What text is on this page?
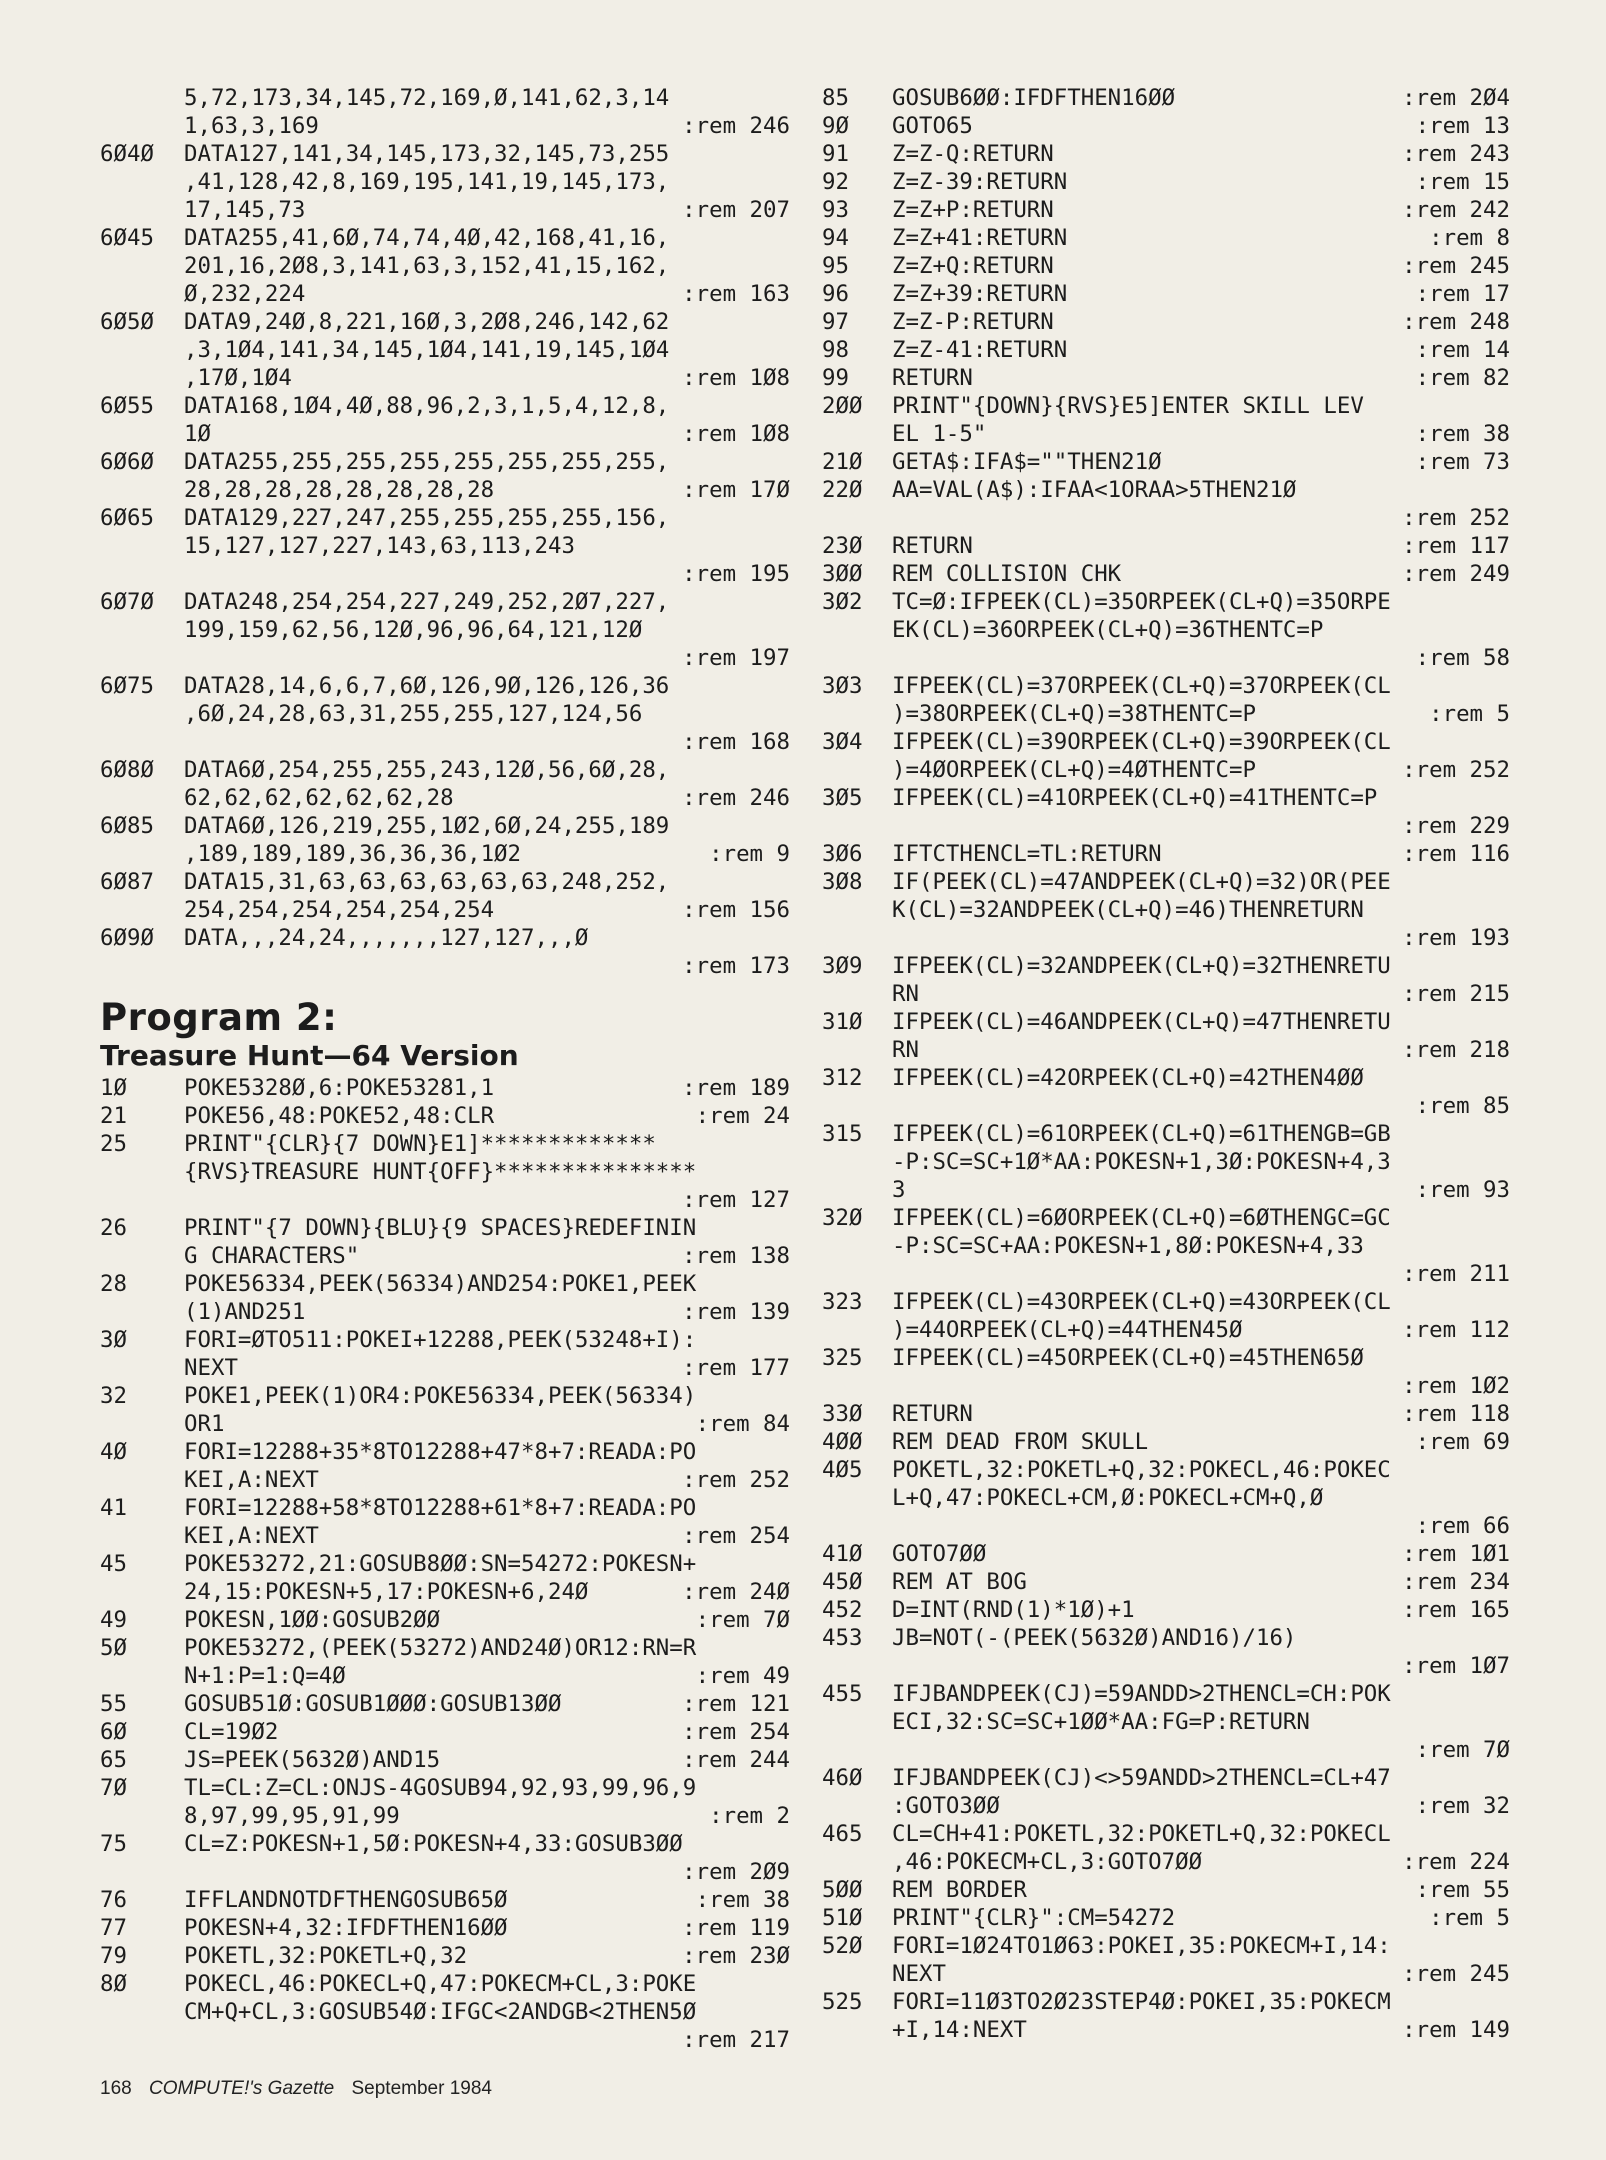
5,72,173,34,145,72,169,Ø,141,62,3,14
1,63,3,169	:rem 246
6Ø4Ø DATA127,141,34,145,173,32,145,73,255
,41,128,42,8,169,195,141,19,145,173,
17,145,73	:rem 207
6Ø45 DATA255,41,6Ø,74,74,4Ø,42,168,41,16,
201,16,2Ø8,3,141,63,3,152,41,15,162,
Ø,232,224	:rem 163
6Ø5Ø DATA9,24Ø,8,221,16Ø,3,2Ø8,246,142,62
,3,1Ø4,141,34,145,1Ø4,141,19,145,1Ø4
,17Ø,1Ø4	:rem 1Ø8
6Ø55 DATA168,1Ø4,4Ø,88,96,2,3,1,5,4,12,8,
1Ø	:rem 1Ø8
6Ø6Ø DATA255,255,255,255,255,255,255,255,
28,28,28,28,28,28,28,28	:rem 17Ø
6Ø65 DATA129,227,247,255,255,255,255,156,
15,127,127,227,143,63,113,243
:rem 195
6Ø7Ø DATA248,254,254,227,249,252,2Ø7,227,
199,159,62,56,12Ø,96,96,64,121,12Ø
:rem 197
6Ø75 DATA28,14,6,6,7,6Ø,126,9Ø,126,126,36
,6Ø,24,28,63,31,255,255,127,124,56
:rem 168
6Ø8Ø DATA6Ø,254,255,255,243,12Ø,56,6Ø,28,
62,62,62,62,62,62,28	:rem 246
6Ø85 DATA6Ø,126,219,255,1Ø2,6Ø,24,255,189
,189,189,189,36,36,36,1Ø2	:rem 9
6Ø87 DATA15,31,63,63,63,63,63,63,248,252,
254,254,254,254,254,254	:rem 156
6Ø9Ø DATA,,,24,24,,,,,,,127,127,,,Ø
:rem 173
Program 2:
Treasure Hunt—64 Version
1Ø	POKE5328Ø,6:POKE53281,1	:rem 189
21	POKE56,48:POKE52,48:CLR	:rem 24
25	PRINT"{CLR}{7 DOWN}E1]*************
{RVS}TREASURE HUNT{OFF}***************
:rem 127
26	PRINT"{7 DOWN}{BLU}{9 SPACES}REDEFININ
G CHARACTERS"	:rem 138
28	POKE56334,PEEK(56334)AND254:POKE1,PEEK
(1)AND251	:rem 139
3Ø	FORI=ØTO511:POKEI+12288,PEEK(53248+I):
NEXT	:rem 177
32	POKE1,PEEK(1)OR4:POKE56334,PEEK(56334)
OR1	:rem 84
4Ø	FORI=12288+35*8TO12288+47*8+7:READA:PO
KEI,A:NEXT	:rem 252
41	FORI=12288+58*8TO12288+61*8+7:READA:PO
KEI,A:NEXT	:rem 254
45	POKE53272,21:GOSUB8ØØ:SN=54272:POKESN+
24,15:POKESN+5,17:POKESN+6,24Ø	:rem 24Ø
49	POKESN,1ØØ:GOSUB2ØØ	:rem 7Ø
5Ø	POKE53272,(PEEK(53272)AND24Ø)OR12:RN=R
N+1:P=1:Q=4Ø	:rem 49
55	GOSUB51Ø:GOSUB1ØØØ:GOSUB13ØØ	:rem 121
6Ø	CL=19Ø2	:rem 254
65	JS=PEEK(5632Ø)AND15	:rem 244
7Ø	TL=CL:Z=CL:ONJS-4GOSUB94,92,93,99,96,9
8,97,99,95,91,99	:rem 2
75	CL=Z:POKESN+1,5Ø:POKESN+4,33:GOSUB3ØØ
:rem 2Ø9
76	IFFLANDNOTDFTHENGOSUB65Ø	:rem 38
77	POKESN+4,32:IFDFTHEN16ØØ	:rem 119
79	POKETL,32:POKETL+Q,32	:rem 23Ø
8Ø	POKECL,46:POKECL+Q,47:POKECM+CL,3:POKE
CM+Q+CL,3:GOSUB54Ø:IFGC<2ANDGB<2THEN5Ø
:rem 217
85 GOSUB6ØØ:IFDFTHEN16ØØ	:rem 2Ø4
9Ø GOTO65	:rem 13
91 Z=Z-Q:RETURN	:rem 243
92 Z=Z-39:RETURN	:rem 15
93 Z=Z+P:RETURN	:rem 242
94 Z=Z+41:RETURN	:rem 8
95 Z=Z+Q:RETURN	:rem 245
96 Z=Z+39:RETURN	:rem 17
97 Z=Z-P:RETURN	:rem 248
98 Z=Z-41:RETURN	:rem 14
99 RETURN	:rem 82
2ØØ PRINT"{DOWN}{RVS}E5]ENTER SKILL LEV
EL 1-5"	:rem 38
21Ø GETA$:IFA$=""THEN21Ø	:rem 73
22Ø AA=VAL(A$):IFAA<1ORAA>5THEN21Ø
:rem 252
23Ø RETURN	:rem 117
3ØØ REM COLLISION CHK	:rem 249
3Ø2 TC=Ø:IFPEEK(CL)=35ORPEEK(CL+Q)=35ORPE
EK(CL)=36ORPEEK(CL+Q)=36THENTC=P
:rem 58
3Ø3 IFPEEK(CL)=37ORPEEK(CL+Q)=37ORPEEK(CL
)=38ORPEEK(CL+Q)=38THENTC=P	:rem 5
3Ø4 IFPEEK(CL)=39ORPEEK(CL+Q)=39ORPEEK(CL
)=4ØORPEEK(CL+Q)=4ØTHENTC=P	:rem 252
3Ø5 IFPEEK(CL)=41ORPEEK(CL+Q)=41THENTC=P
:rem 229
3Ø6 IFTCTHENCL=TL:RETURN	:rem 116
3Ø8 IF(PEEK(CL)=47ANDPEEK(CL+Q)=32)OR(PEE
K(CL)=32ANDPEEK(CL+Q)=46)THENRETURN
:rem 193
3Ø9 IFPEEK(CL)=32ANDPEEK(CL+Q)=32THENRETU
RN	:rem 215
31Ø IFPEEK(CL)=46ANDPEEK(CL+Q)=47THENRETU
RN	:rem 218
312 IFPEEK(CL)=42ORPEEK(CL+Q)=42THEN4ØØ
:rem 85
315 IFPEEK(CL)=61ORPEEK(CL+Q)=61THENGB=GB
-P:SC=SC+1Ø*AA:POKESN+1,3Ø:POKESN+4,3
3	:rem 93
32Ø IFPEEK(CL)=6ØORPEEK(CL+Q)=6ØTHENGC=GC
-P:SC=SC+AA:POKESN+1,8Ø:POKESN+4,33
:rem 211
323 IFPEEK(CL)=43ORPEEK(CL+Q)=43ORPEEK(CL
)=44ORPEEK(CL+Q)=44THEN45Ø	:rem 112
325 IFPEEK(CL)=45ORPEEK(CL+Q)=45THEN65Ø
:rem 1Ø2
33Ø RETURN	:rem 118
4ØØ REM DEAD FROM SKULL	:rem 69
4Ø5 POKETL,32:POKETL+Q,32:POKECL,46:POKEC
L+Q,47:POKECL+CM,Ø:POKECL+CM+Q,Ø
:rem 66
41Ø GOTO7ØØ	:rem 1Ø1
45Ø REM AT BOG	:rem 234
452 D=INT(RND(1)*1Ø)+1	:rem 165
453 JB=NOT(-(PEEK(5632Ø)AND16)/16)
:rem 1Ø7
455 IFJBANDPEEK(CJ)=59ANDD>2THENCL=CH:POK
ECI,32:SC=SC+1ØØ*AA:FG=P:RETURN
:rem 7Ø
46Ø IFJBANDPEEK(CJ)<>59ANDD>2THENCL=CL+47
:GOTO3ØØ	:rem 32
465 CL=CH+41:POKETL,32:POKETL+Q,32:POKECL
,46:POKECM+CL,3:GOTO7ØØ	:rem 224
5ØØ REM BORDER	:rem 55
51Ø PRINT"{CLR}":CM=54272	:rem 5
52Ø FORI=1Ø24TO1Ø63:POKEI,35:POKECM+I,14:
NEXT	:rem 245
525 FORI=11Ø3TO2Ø23STEP4Ø:POKEI,35:POKECM
+I,14:NEXT	:rem 149
168 COMPUTE!'s Gazette September 1984
